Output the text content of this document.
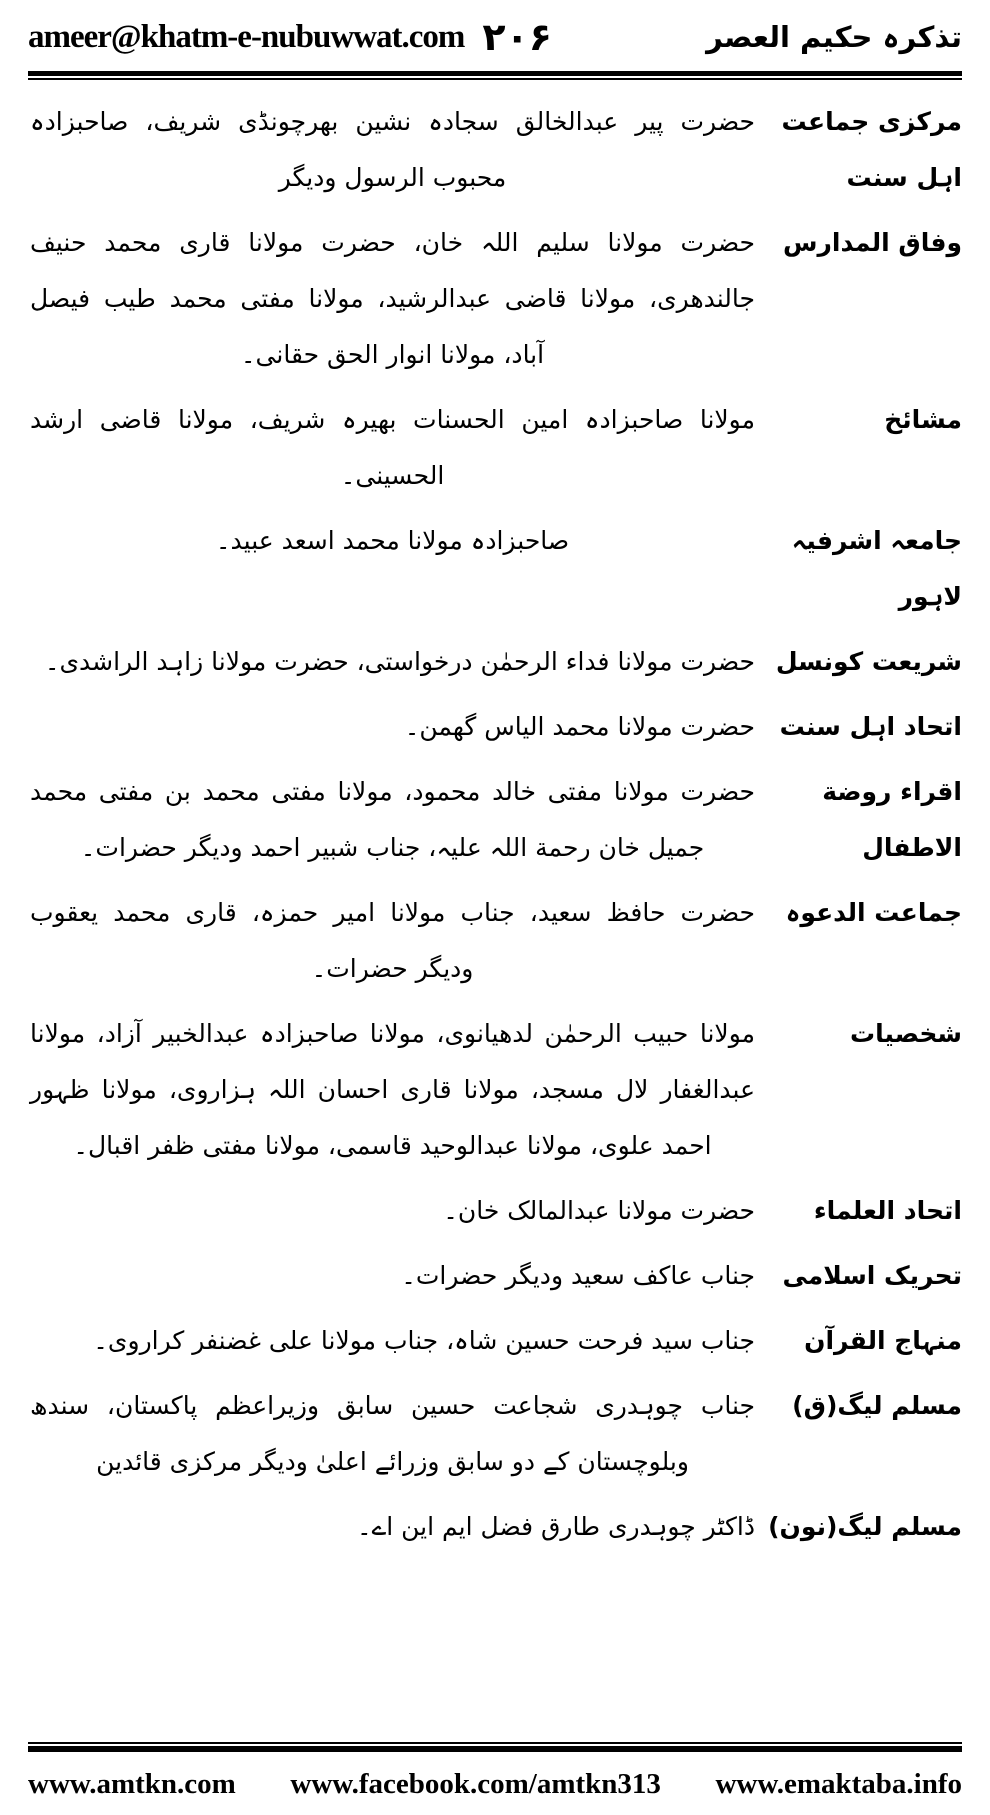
ameer@khatm-e-nubuwwat.com ۲۰۶	تذکرہ حکیم العصر
مرکزی جماعت اہل سنت
حضرت پیر عبدالخالق سجادہ نشین بھرچونڈی شریف، صاحبزادہ محبوب الرسول ودیگر
وفاق المدارس
حضرت مولانا سلیم اللہ خان، حضرت مولانا قاری محمد حنیف جالندھری، مولانا قاضی عبدالرشید، مولانا مفتی محمد طیب فیصل آباد، مولانا انوار الحق حقانی۔
مشائخ
مولانا صاحبزادہ امین الحسنات بھیرہ شریف، مولانا قاضی ارشد الحسینی۔
جامعہ اشرفیہ لاہور
صاحبزادہ مولانا محمد اسعد عبید۔
شریعت کونسل
حضرت مولانا فداء الرحمٰن درخواستی، حضرت مولانا زاہد الراشدی۔
اتحاد اہل سنت
حضرت مولانا محمد الیاس گھمن۔
اقراء روضة الاطفال
حضرت مولانا مفتی خالد محمود، مولانا مفتی محمد بن مفتی محمد جمیل خان رحمة اللہ علیہ، جناب شبیر احمد ودیگر حضرات۔
جماعت الدعوہ
حضرت حافظ سعید، جناب مولانا امیر حمزہ، قاری محمد یعقوب ودیگر حضرات۔
شخصیات
مولانا حبیب الرحمٰن لدھیانوی، مولانا صاحبزادہ عبدالخبیر آزاد، مولانا عبدالغفار لال مسجد، مولانا قاری احسان اللہ ہزاروی، مولانا ظہور احمد علوی، مولانا عبدالوحید قاسمی، مولانا مفتی ظفر اقبال۔
اتحاد العلماء
حضرت مولانا عبدالمالک خان۔
تحریک اسلامی
جناب عاکف سعید ودیگر حضرات۔
منہاج القرآن
جناب سید فرحت حسین شاہ، جناب مولانا علی غضنفر کراروی۔
مسلم لیگ(ق)
جناب چوہدری شجاعت حسین سابق وزیراعظم پاکستان، سندھ وبلوچستان کے دو سابق وزرائے اعلیٰ ودیگر مرکزی قائدین
مسلم لیگ(نون)
ڈاکٹر چوہدری طارق فضل ایم این اے۔
www.amtkn.com www.facebook.com/amtkn313 www.emaktaba.info
